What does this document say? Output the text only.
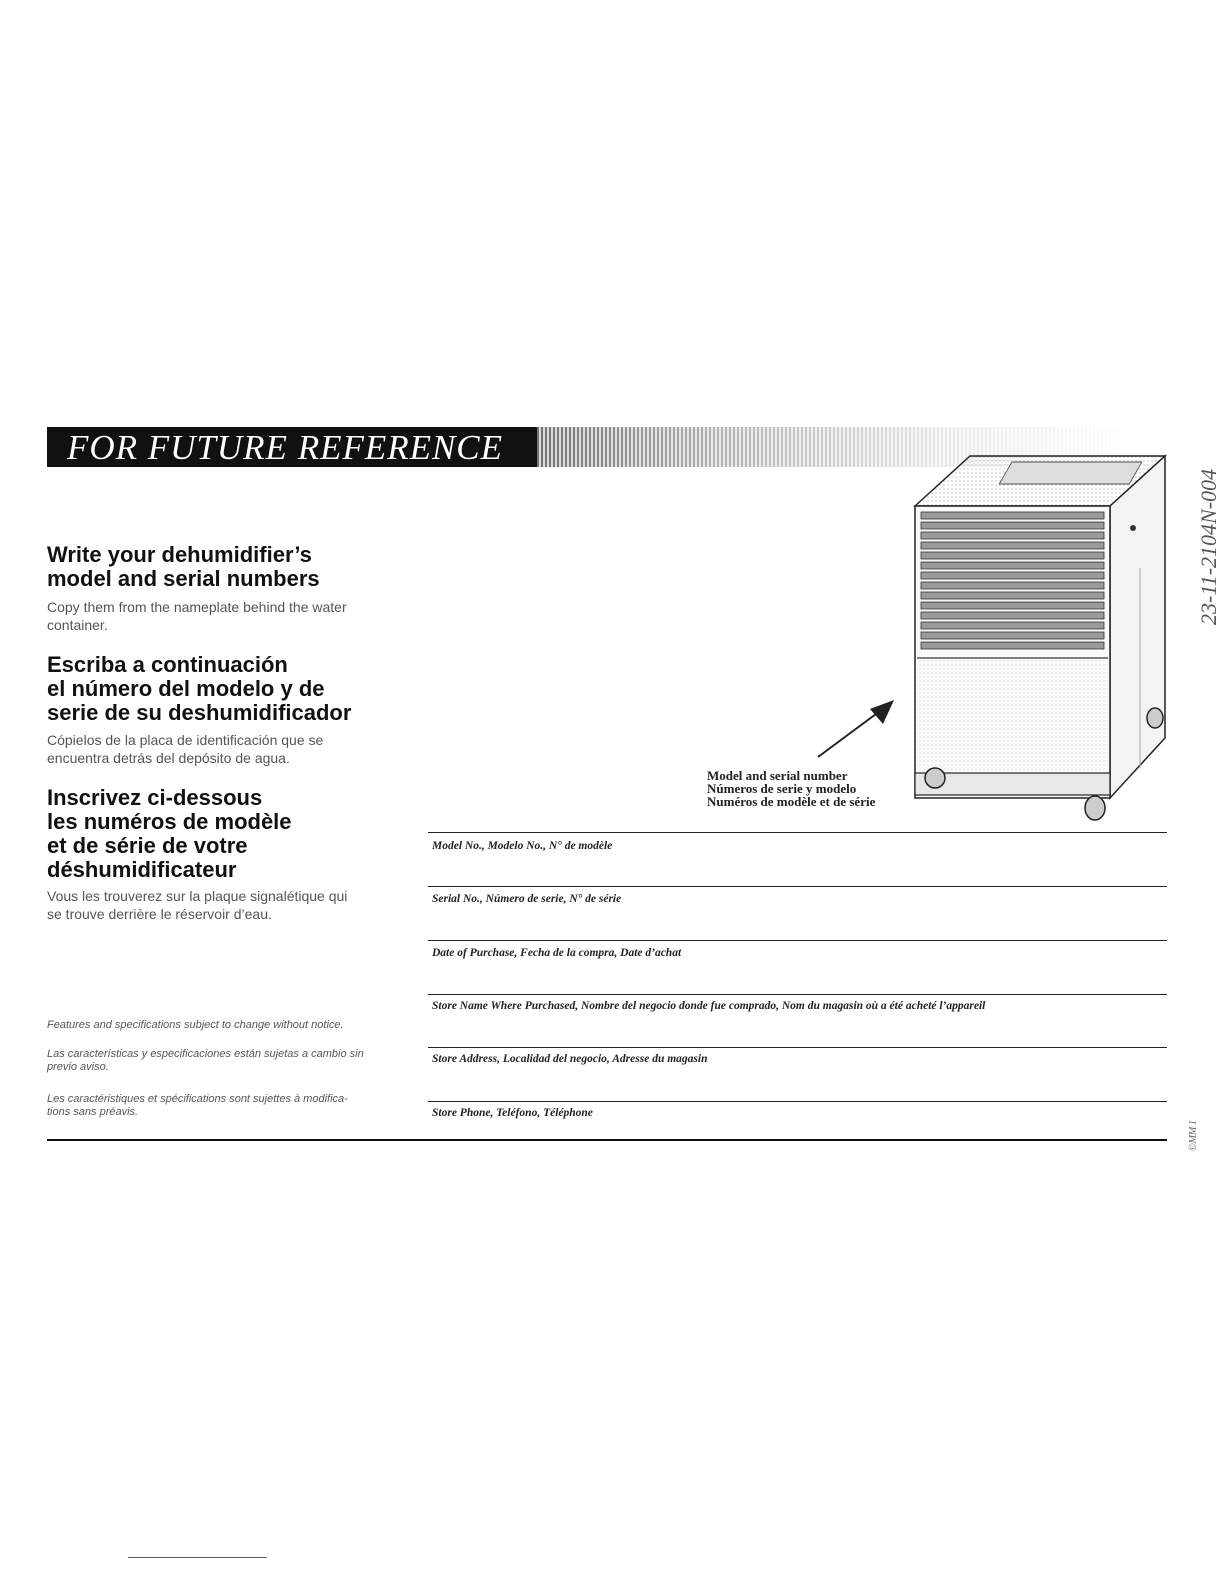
FOR FUTURE REFERENCE
Write your dehumidifier’s
model and serial numbers
Copy them from the nameplate behind the water
container.
Escriba a continuación
el número del modelo y de
serie de su deshumidificador
Cópielos de la placa de identificación que se
encuentra detrás del depósito de agua.
Inscrivez ci-dessous
les numéros de modèle
et de série de votre
déshumidificateur
Vous les trouverez sur la plaque signalétique qui
se trouve derrière le réservoir d’eau.
Features and specifications subject to change without notice.
Las características y especificaciones están sujetas a cambio sin
previo aviso.
Les caractéristiques et spécifications sont sujettes à modifica-
tions sans préavis.
Model and serial number
Números de serie y modelo
Numéros de modèle et de série
Model No., Modelo No., N° de modèle
Serial No., Número de serie, N° de série
Date of Purchase, Fecha de la compra, Date d’achat
Store Name Where Purchased, Nombre del negocio donde fue comprado, Nom du magasin où a été acheté l’appareil
Store Address, Localidad del negocio, Adresse du magasin
Store Phone, Teléfono, Téléphone
23-11-2104N-004
©MM I
